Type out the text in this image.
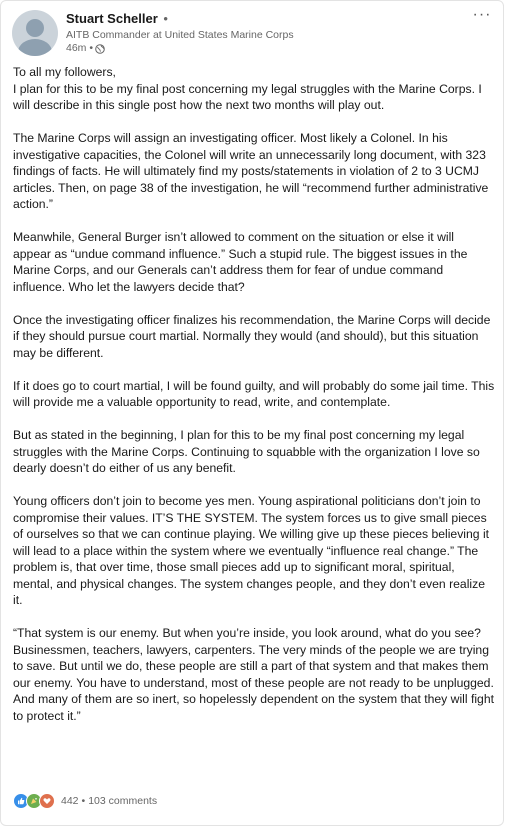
Stuart Scheller •
AITB Commander at United States Marine Corps
46m •
···

To all my followers,

I plan for this to be my final post concerning my legal struggles with the Marine Corps. I will describe in this single post how the next two months will play out.

The Marine Corps will assign an investigating officer. Most likely a Colonel. In his investigative capacities, the Colonel will write an unnecessarily long document, with 323 findings of facts. He will ultimately find my posts/statements in violation of 2 to 3 UCMJ articles. Then, on page 38 of the investigation, he will “recommend further administrative action.”

Meanwhile, General Burger isn’t allowed to comment on the situation or else it will appear as “undue command influence.” Such a stupid rule. The biggest issues in the Marine Corps, and our Generals can’t address them for fear of undue command influence. Who let the lawyers decide that?

Once the investigating officer finalizes his recommendation, the Marine Corps will decide if they should pursue court martial. Normally they would (and should), but this situation may be different.

If it does go to court martial, I will be found guilty, and will probably do some jail time. This will provide me a valuable opportunity to read, write, and contemplate.

But as stated in the beginning, I plan for this to be my final post concerning my legal struggles with the Marine Corps. Continuing to squabble with the organization I love so dearly doesn’t do either of us any benefit.

Young officers don’t join to become yes men. Young aspirational politicians don’t join to compromise their values. IT’S THE SYSTEM. The system forces us to give small pieces of ourselves so that we can continue playing. We willing give up these pieces believing it will lead to a place within the system where we eventually “influence real change.” The problem is, that over time, those small pieces add up to significant moral, spiritual, mental, and physical changes. The system changes people, and they don’t even realize it.

“That system is our enemy. But when you’re inside, you look around, what do you see? Businessmen, teachers, lawyers, carpenters. The very minds of the people we are trying to save. But until we do, these people are still a part of that system and that makes them our enemy. You have to understand, most of these people are not ready to be unplugged. And many of them are so inert, so hopelessly dependent on the system that they will fight to protect it.”

442 • 103 comments
